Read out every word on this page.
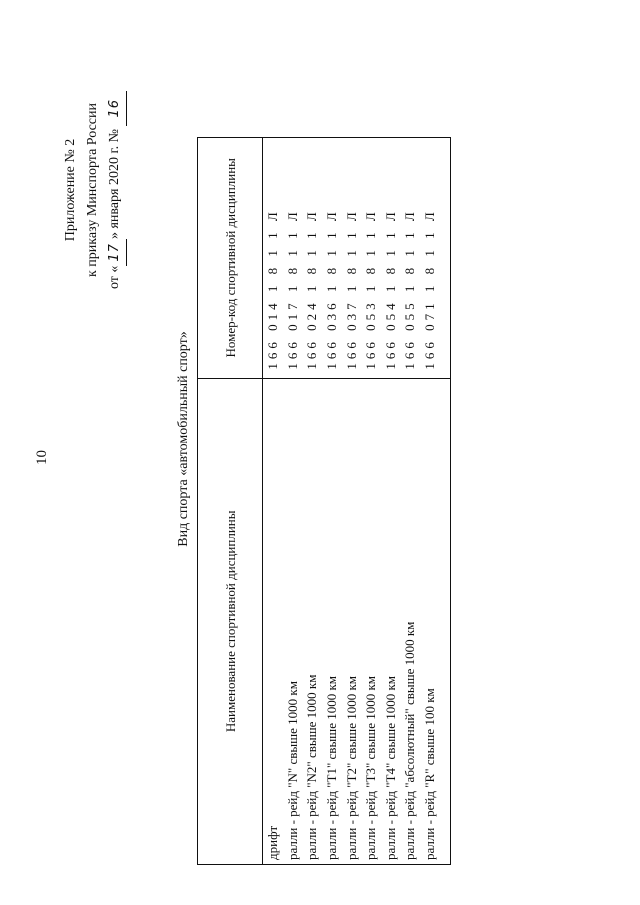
10
Приложение № 2 к приказу Минспорта России
от «17» января 2020 г. № 16
Вид спорта «автомобильный спорт»
Наименование спортивной дисциплины	Номер-код спортивной дисциплины
дрифт	166 014 1 8 1 1 Л
ралли - рейд "N" свыше 1000 км	166 017 1 8 1 1 Л
ралли - рейд "N2" свыше 1000 км	166 024 1 8 1 1 Л
ралли - рейд "T1" свыше 1000 км	166 036 1 8 1 1 Л
ралли - рейд "T2" свыше 1000 км	166 037 1 8 1 1 Л
ралли - рейд "T3" свыше 1000 км	166 053 1 8 1 1 Л
ралли - рейд "T4" свыше 1000 км	166 054 1 8 1 1 Л
ралли - рейд "абсолютный" свыше 1000 км	166 055 1 8 1 1 Л
ралли - рейд "R" свыше 100 км	166 071 1 8 1 1 Л
